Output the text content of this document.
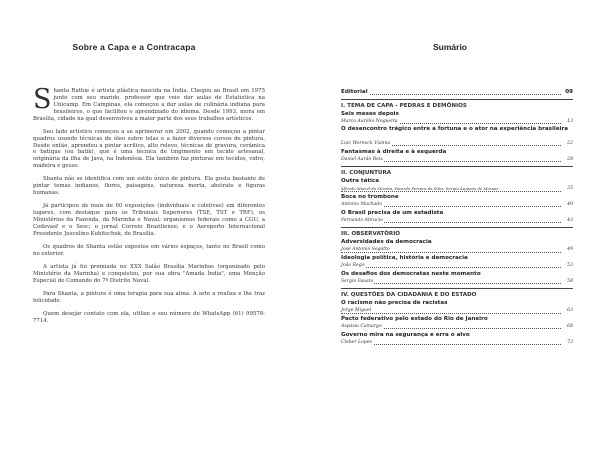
Sobre a Capa e a Contracapa

Shanta Rathie é artista plástica nascida na Índia. Chegou ao Brasil em 1975 junto com seu marido, professor que veio dar aulas de Estatística na Unicamp. Em Campinas, ela começou a dar aulas de culinária indiana para brasileiros, o que facilitou o aprendizado do idioma. Desde 1993, mora em Brasília, cidade na qual desenvolveu a maior parte dos seus trabalhos artísticos.

Seu lado artístico começou a se aprimorar em 2002, quando começou a pintar quadros usando técnicas de óleo sobre telas e a fazer diversos cursos de pintura. Desde então, aprendeu a pintar acrílico, alto relevo, técnicas de gravura, cerâmica e batique (ou batik), que é uma técnica de tingimento em tecido artesanal, originária da ilha de Java, na Indonésia. Ela também faz pinturas em tecidos, vidro, madeira e gesso.

Shanta não se identifica com um estilo único de pintura. Ela gosta bastante de pintar temas indianos, flores, paisagens, natureza morta, abstrato e figuras humanas.

Já participou de mais de 60 exposições (individuais e coletivas) em diferentes lugares, com destaque para os Tribunais Superiores (TSE, TST e TRF), os Ministérios da Fazenda, da Marinha e Naval; organismos federais como a CGU, a Codevasf e o Sesc; o jornal Correio Braziliense; e o Aeroporto Internacional Presidente Juscelino Kubitschek, de Brasília.

Os quadros de Shanta estão expostos em vários espaços, tanto no Brasil como no exterior.

A artista já foi premiada no XXX Salão Brasília Marinhas (organizado pelo Ministério da Marinha) e conquistou, por sua obra "Amada Índia", uma Menção Especial do Comando do 7º Distrito Naval.

Para Shanta, a pintura é uma terapia para sua alma. A arte a realiza e lhe traz felicidade.

Quem desejar contato com ela, utilize o seu número de WhatsApp (61) 99578-7714.

Sumário
Editorial	09
I. TEMA DE CAPA - PEDRAS E DEMÔNIOS
Seis meses depois
Marco Aurélio Nogueira	13
O desencontro trágico entre a fortuna e o ator na experiência brasileira
Luiz Werneck Vianna	22
Fantasmas à direita e à esquerda
Daniel Aarão Reis	28
II. CONJUNTURA
Outra tática
Alfredo Maciel da Silveira, Ricardo Ferraro da Silva, Sergio Augusto de Moraes	35
Boca no trombone
Antonio Machado	40
O Brasil precisa de um estadista
Fernando Abrucio	43
III. OBSERVATÓRIO
Adversidades da democracia
José Antonio Segatto	49
Ideologia política, história e democracia
João Rego	53
Os desafios dos democratas neste momento
Sergio Fausto	58
IV. QUESTÕES DA CIDADANIA E DO ESTADO
O racismo não precisa de racistas
Jorge Miguel	63
Pacto federativo pelo estado do Rio de Janeiro
Aspásia Camargo	68
Governo mira na segurança e erra o alvo
Cleber Lopes	73
